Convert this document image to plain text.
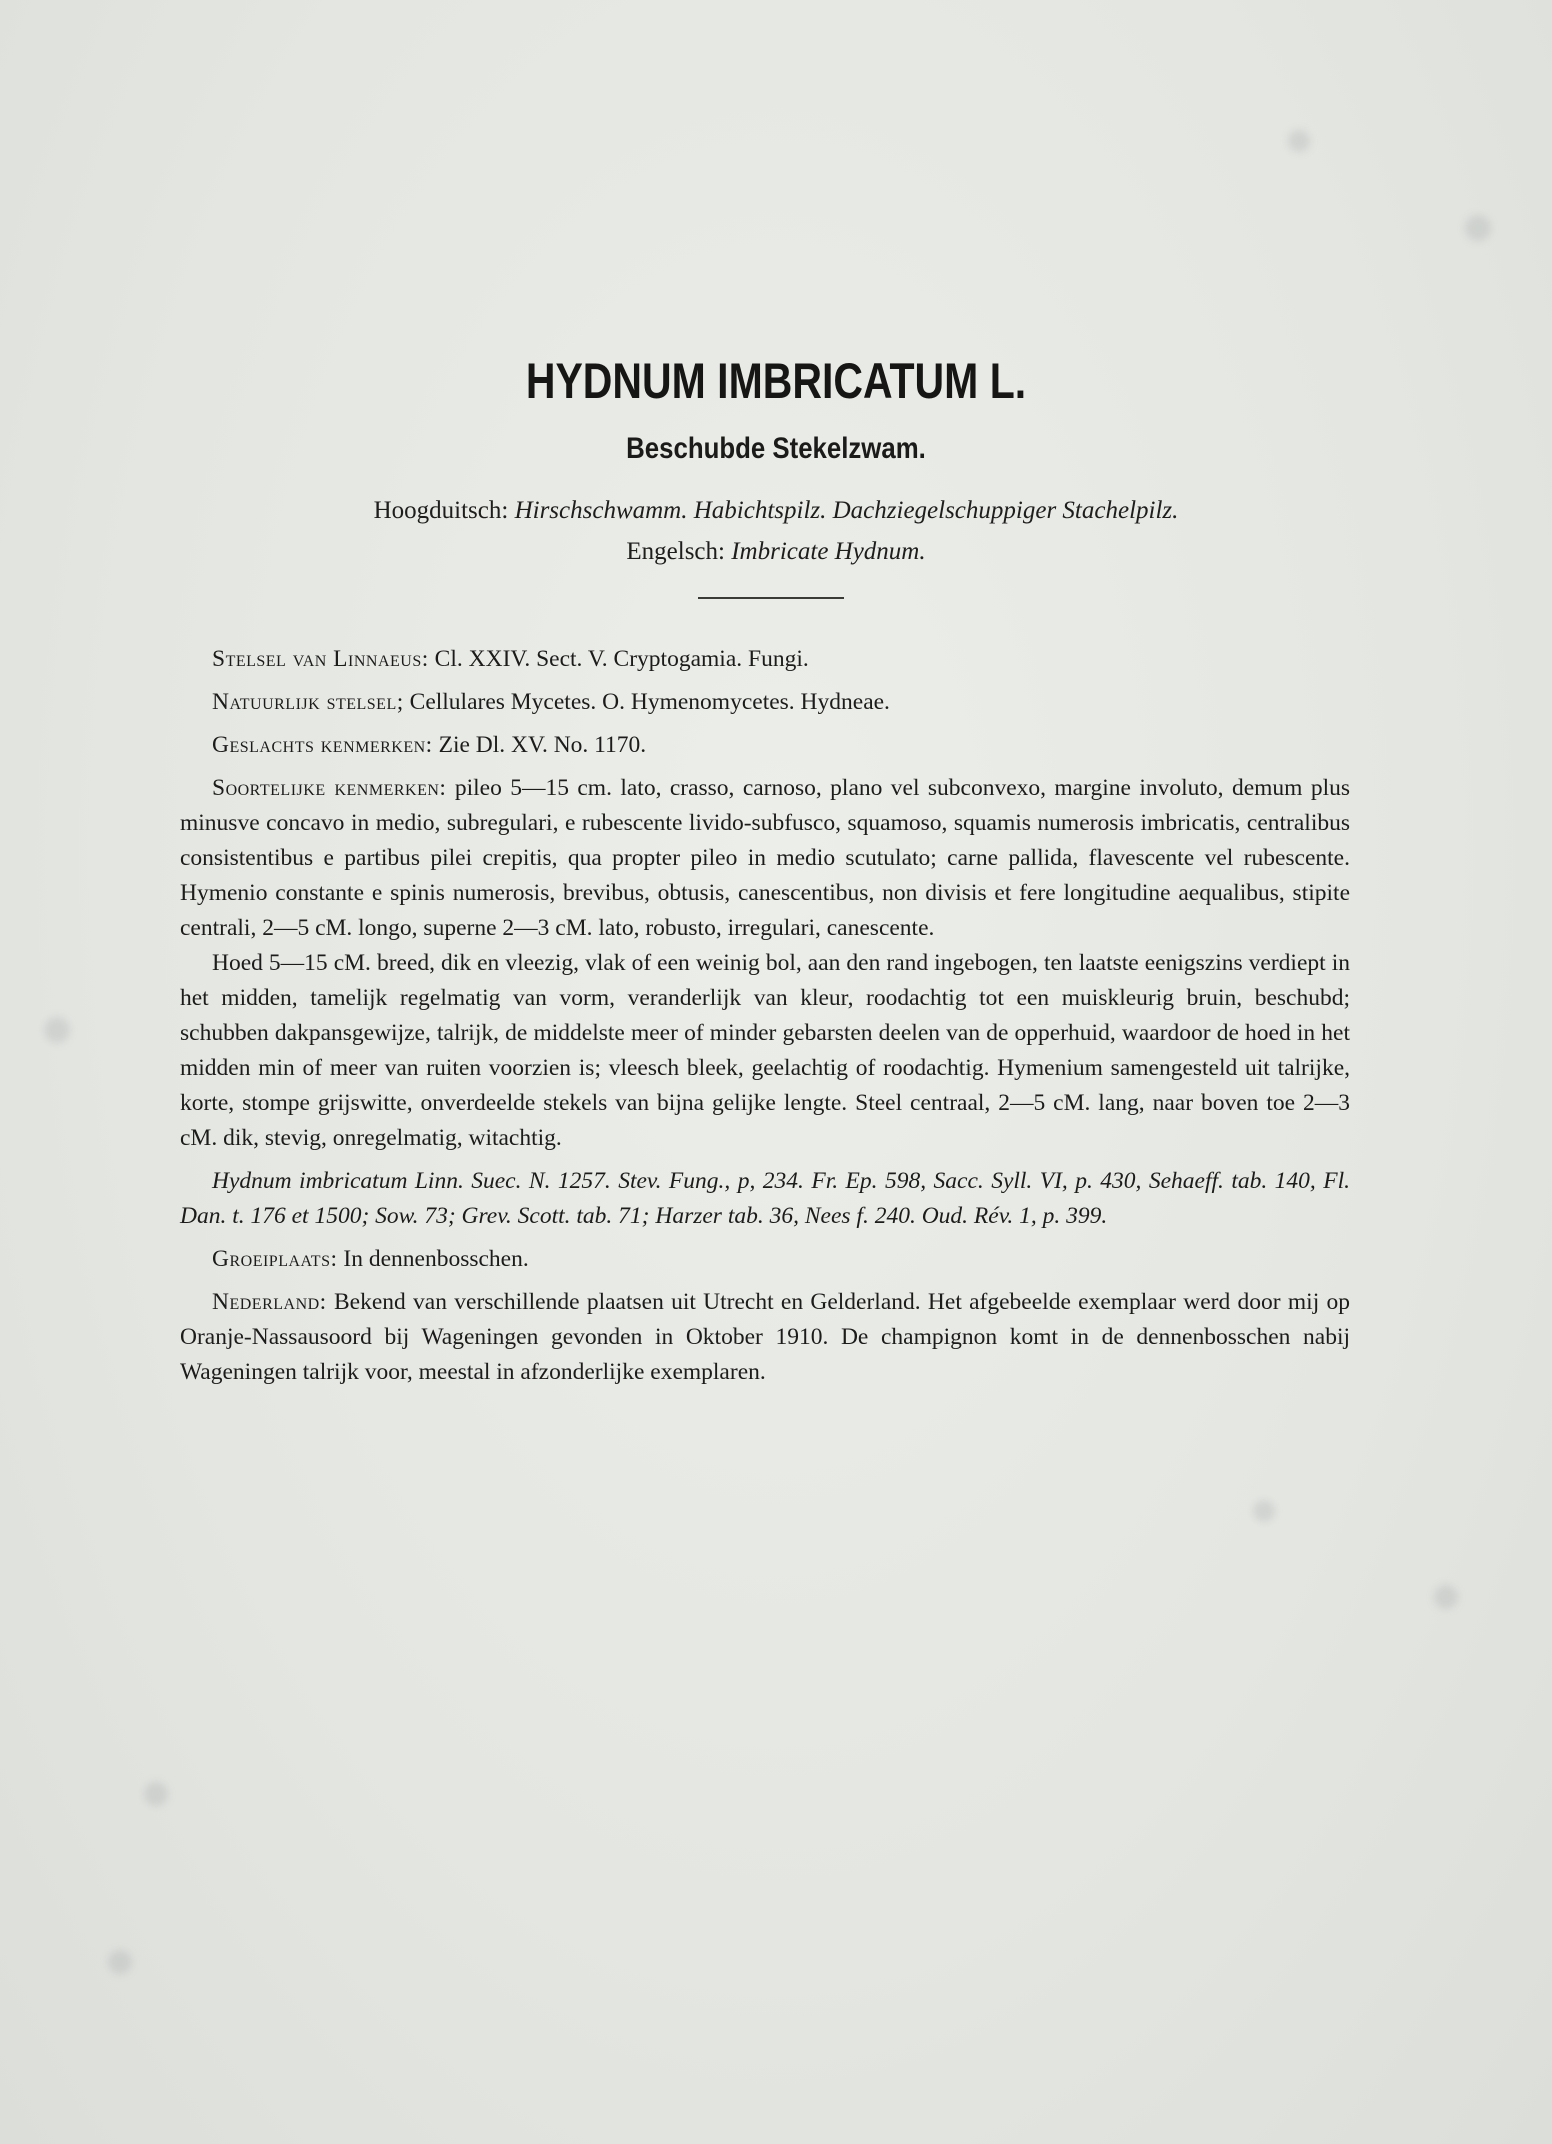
HYDNUM IMBRICATUM L.
Beschubde Stekelzwam.
Hoogduitsch: Hirschschwamm. Habichtspilz. Dachziegelschuppiger Stachelpilz.
Engelsch: Imbricate Hydnum.

Stelsel van Linnaeus: Cl. XXIV. Sect. V. Cryptogamia. Fungi.

Natuurlijk stelsel; Cellulares Mycetes. O. Hymenomycetes. Hydneae.

Geslachts kenmerken: Zie Dl. XV. No. 1170.

Soortelijke kenmerken: pileo 5—15 cm. lato, crasso, carnoso, plano vel subconvexo, margine involuto, demum plus minusve concavo in medio, subregulari, e rubescente livido-subfusco, squamoso, squamis numerosis imbricatis, centralibus consistentibus e partibus pilei crepitis, qua propter pileo in medio scutulato; carne pallida, flavescente vel rubescente. Hymenio constante e spinis numerosis, brevibus, obtusis, canescentibus, non divisis et fere longitudine aequalibus, stipite centrali, 2—5 cM. longo, superne 2—3 cM. lato, robusto, irregulari, canescente.

Hoed 5—15 cM. breed, dik en vleezig, vlak of een weinig bol, aan den rand ingebogen, ten laatste eenigszins verdiept in het midden, tamelijk regelmatig van vorm, veranderlijk van kleur, roodachtig tot een muiskleurig bruin, beschubd; schubben dakpansgewijze, talrijk, de middelste meer of minder gebarsten deelen van de opperhuid, waardoor de hoed in het midden min of meer van ruiten voorzien is; vleesch bleek, geelachtig of roodachtig. Hymenium samengesteld uit talrijke, korte, stompe grijswitte, onverdeelde stekels van bijna gelijke lengte. Steel centraal, 2—5 cM. lang, naar boven toe 2—3 cM. dik, stevig, onregelmatig, witachtig.

Hydnum imbricatum Linn. Suec. N. 1257. Stev. Fung., p, 234. Fr. Ep. 598, Sacc. Syll. VI, p. 430, Sehaeff. tab. 140, Fl. Dan. t. 176 et 1500; Sow. 73; Grev. Scott. tab. 71; Harzer tab. 36, Nees f. 240. Oud. Rév. 1, p. 399.

Groeiplaats: In dennenbosschen.

Nederland: Bekend van verschillende plaatsen uit Utrecht en Gelderland. Het afgebeelde exemplaar werd door mij op Oranje-Nassausoord bij Wageningen gevonden in Oktober 1910. De champignon komt in de dennenbosschen nabij Wageningen talrijk voor, meestal in afzonderlijke exemplaren.
